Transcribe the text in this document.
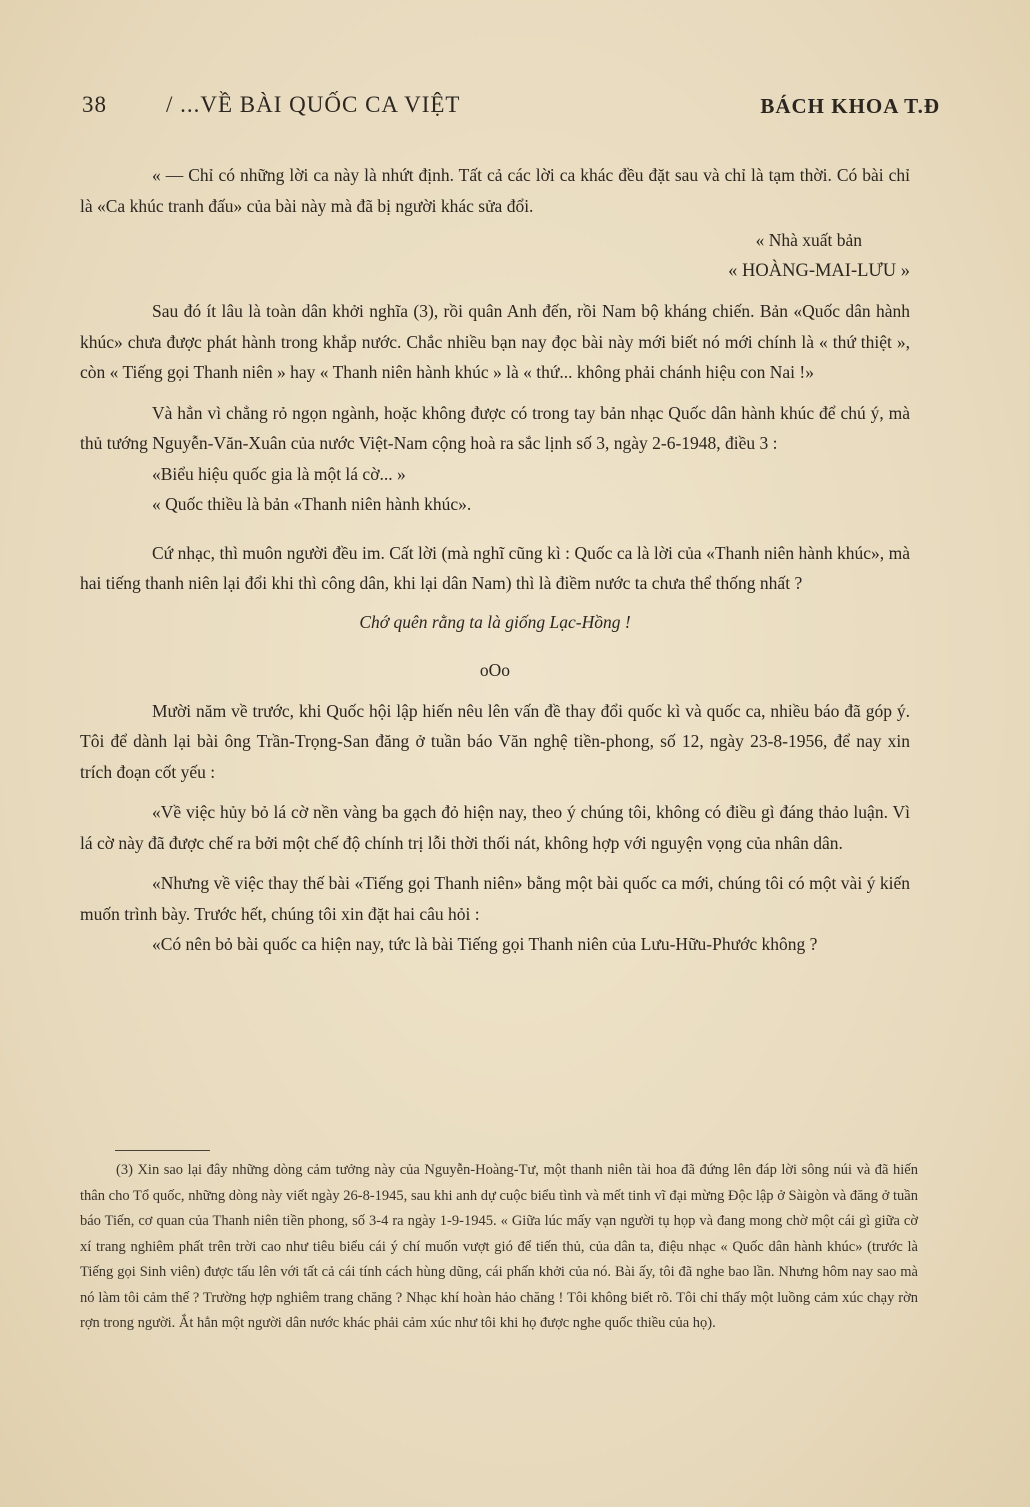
38	/ ...VỀ BÀI QUỐC CA VIỆT	BÁCH KHOA T.Đ

« — Chỉ có những lời ca này là nhứt định. Tất cả các lời ca khác đều đặt sau và chỉ là tạm thời. Có bài chỉ là «Ca khúc tranh đấu» của bài này mà đã bị người khác sửa đổi.

« Nhà xuất bản

« HOÀNG-MAI-LƯU »

Sau đó ít lâu là toàn dân khởi nghĩa (3), rồi quân Anh đến, rồi Nam bộ kháng chiến. Bản «Quốc dân hành khúc» chưa được phát hành trong khắp nước. Chắc nhiều bạn nay đọc bài này mới biết nó mới chính là « thứ thiệt », còn « Tiếng gọi Thanh niên » hay « Thanh niên hành khúc » là « thứ... không phải chánh hiệu con Nai !»

Và hẳn vì chẳng rỏ ngọn ngành, hoặc không được có trong tay bản nhạc Quốc dân hành khúc để chú ý, mà thủ tướng Nguyễn-Văn-Xuân của nước Việt-Nam cộng hoà ra sắc lịnh số 3, ngày 2-6-1948, điều 3 :

«Biểu hiệu quốc gia là một lá cờ... »

« Quốc thiều là bản «Thanh niên hành khúc».

Cứ nhạc, thì muôn người đều im. Cất lời (mà nghĩ cũng kì : Quốc ca là lời của «Thanh niên hành khúc», mà hai tiếng thanh niên lại đổi khi thì công dân, khi lại dân Nam) thì là điềm nước ta chưa thể thống nhất ?

Chớ quên rằng ta là giống Lạc-Hồng !

oOo

Mười năm về trước, khi Quốc hội lập hiến nêu lên vấn đề thay đổi quốc kì và quốc ca, nhiều báo đã góp ý. Tôi để dành lại bài ông Trần-Trọng-San đăng ở tuần báo Văn nghệ tiền-phong, số 12, ngày 23-8-1956, để nay xin trích đoạn cốt yếu :

«Về việc hủy bỏ lá cờ nền vàng ba gạch đỏ hiện nay, theo ý chúng tôi, không có điều gì đáng thảo luận. Vì lá cờ này đã được chế ra bởi một chế độ chính trị lỗi thời thối nát, không hợp với nguyện vọng của nhân dân.

«Nhưng về việc thay thế bài «Tiếng gọi Thanh niên» bằng một bài quốc ca mới, chúng tôi có một vài ý kiến muốn trình bày. Trước hết, chúng tôi xin đặt hai câu hỏi :

«Có nên bỏ bài quốc ca hiện nay, tức là bài Tiếng gọi Thanh niên của Lưu-Hữu-Phước không ?

(3) Xin sao lại đây những dòng cảm tưởng này của Nguyễn-Hoàng-Tư, một thanh niên tài hoa đã đứng lên đáp lời sông núi và đã hiến thân cho Tổ quốc, những dòng này viết ngày 26-8-1945, sau khi anh dự cuộc biểu tình và mết tinh vĩ đại mừng Độc lập ở Sàigòn và đăng ở tuần báo Tiến, cơ quan của Thanh niên tiền phong, số 3-4 ra ngày 1-9-1945. « Giữa lúc mấy vạn người tụ họp và đang mong chờ một cái gì giữa cờ xí trang nghiêm phất trên trời cao như tiêu biểu cái ý chí muốn vượt gió để tiến thủ, của dân ta, điệu nhạc « Quốc dân hành khúc» (trước là Tiếng gọi Sinh viên) được tấu lên với tất cả cái tính cách hùng dũng, cái phấn khởi của nó. Bài ấy, tôi đã nghe bao lần. Nhưng hôm nay sao mà nó làm tôi cảm thế ? Trường hợp nghiêm trang chăng ? Nhạc khí hoàn hảo chăng ! Tôi không biết rõ. Tôi chỉ thấy một luồng cảm xúc chạy rờn rợn trong người. Ắt hẳn một người dân nước khác phải cảm xúc như tôi khi họ được nghe quốc thiều của họ).
